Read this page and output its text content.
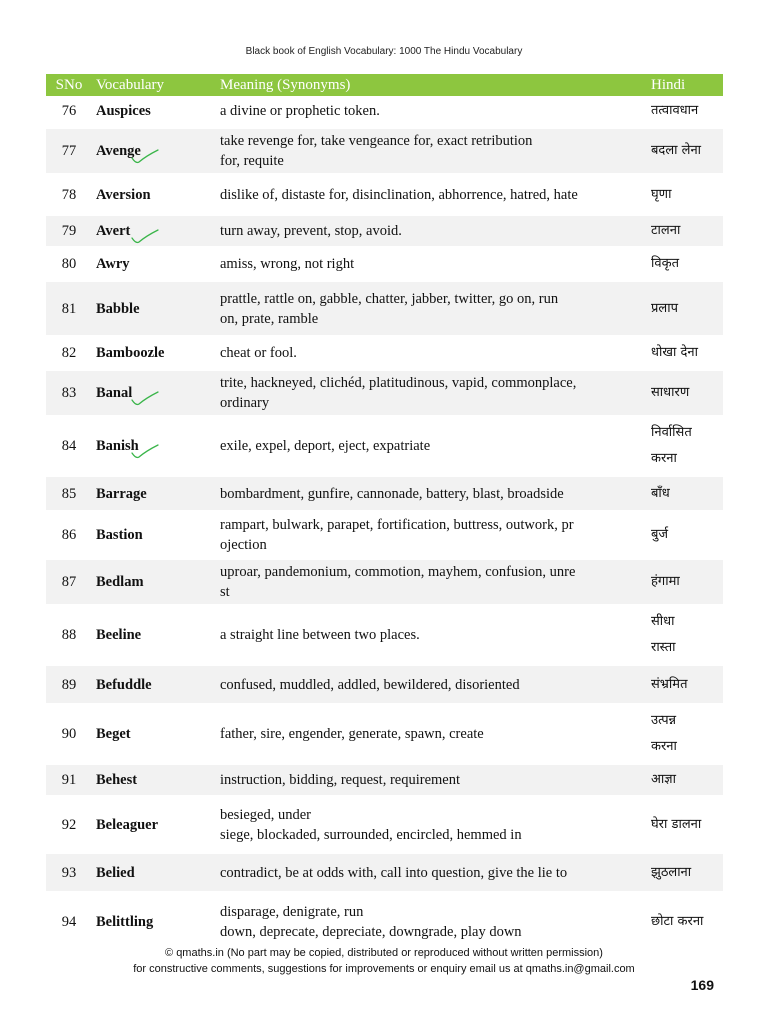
Black book of English Vocabulary: 1000 The Hindu Vocabulary
SNo	Vocabulary	Meaning (Synonyms)	Hindi
76	Auspices	a divine or prophetic token.	तत्वावधान

77	Avenge	take revenge for, take vengeance for, exact retribution
for, requite	बदला लेना

78	Aversion	dislike of, distaste for, disinclination, abhorrence, hatred, hate	घृणा

79	Avert	turn away, prevent, stop, avoid.	टालना

80	Awry	amiss, wrong, not right	विकृत

81	Babble	prattle, rattle on, gabble, chatter, jabber, twitter, go on, run
on, prate, ramble	प्रलाप

82	Bamboozle	cheat or fool.	धोखा देना

83	Banal	trite, hackneyed, clichéd, platitudinous, vapid, commonplace,
ordinary	साधारण

84	Banish	exile, expel, deport, eject, expatriate	निर्वासित
करना

85	Barrage	bombardment, gunfire, cannonade, battery, blast, broadside	बाँध

86	Bastion	rampart, bulwark, parapet, fortification, buttress, outwork, pr
ojection	बुर्ज

87	Bedlam	uproar, pandemonium, commotion, mayhem, confusion, unre
st	हंगामा

88	Beeline	a straight line between two places.	सीधा
रास्ता

89	Befuddle	confused, muddled, addled, bewildered, disoriented	संभ्रमित

90	Beget	father, sire, engender, generate, spawn, create	उत्पन्न
करना

91	Behest	instruction, bidding, request, requirement	आज्ञा

92	Beleaguer	besieged, under
siege, blockaded, surrounded, encircled, hemmed in	घेरा डालना

93	Belied	contradict, be at odds with, call into question, give the lie to	झुठलाना

94	Belittling	disparage, denigrate, run
down, deprecate, depreciate, downgrade, play down	छोटा करना
© qmaths.in (No part may be copied, distributed or reproduced without written permission)
for constructive comments, suggestions for improvements or enquiry email us at qmaths.in@gmail.com
169
